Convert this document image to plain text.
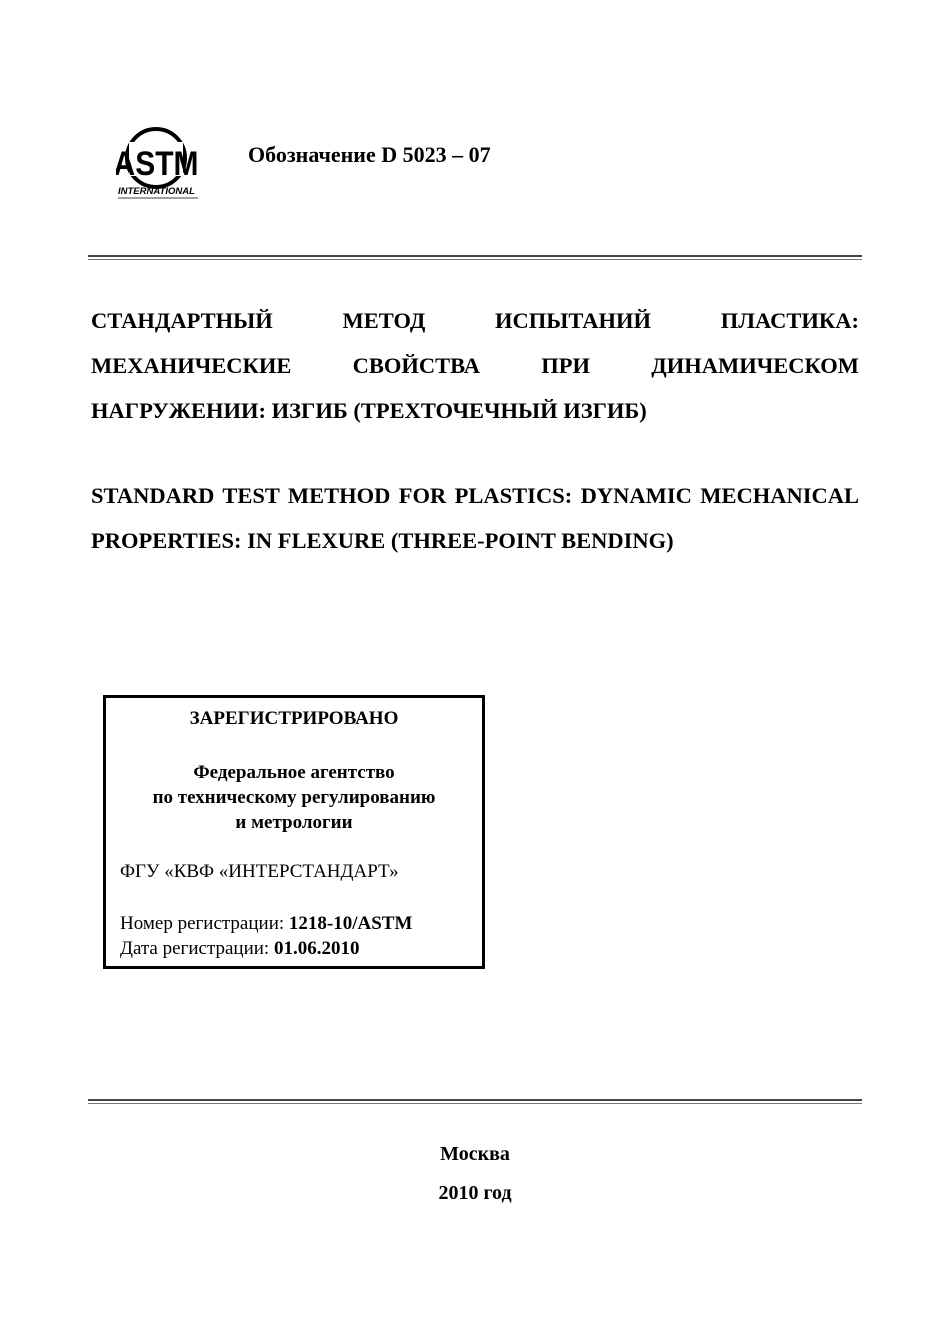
ASTM
INTERNATIONAL
Обозначение D 5023 – 07

СТАНДАРТНЫЙ МЕТОД ИСПЫТАНИЙ ПЛАСТИКА: МЕХАНИЧЕСКИЕ СВОЙСТВА ПРИ ДИНАМИЧЕСКОМ НАГРУЖЕНИИ: ИЗГИБ (ТРЕХТОЧЕЧНЫЙ ИЗГИБ)

STANDARD TEST METHOD FOR PLASTICS: DYNAMIC MECHANICAL PROPERTIES: IN FLEXURE (THREE-POINT BENDING)

ЗАРЕГИСТРИРОВАНО
Федеральное агентство
по техническому регулированию
и метрологии
ФГУ «КВФ «ИНТЕРСТАНДАРТ»
Номер регистрации: 1218-10/ASTM
Дата регистрации: 01.06.2010
Москва
2010 год
